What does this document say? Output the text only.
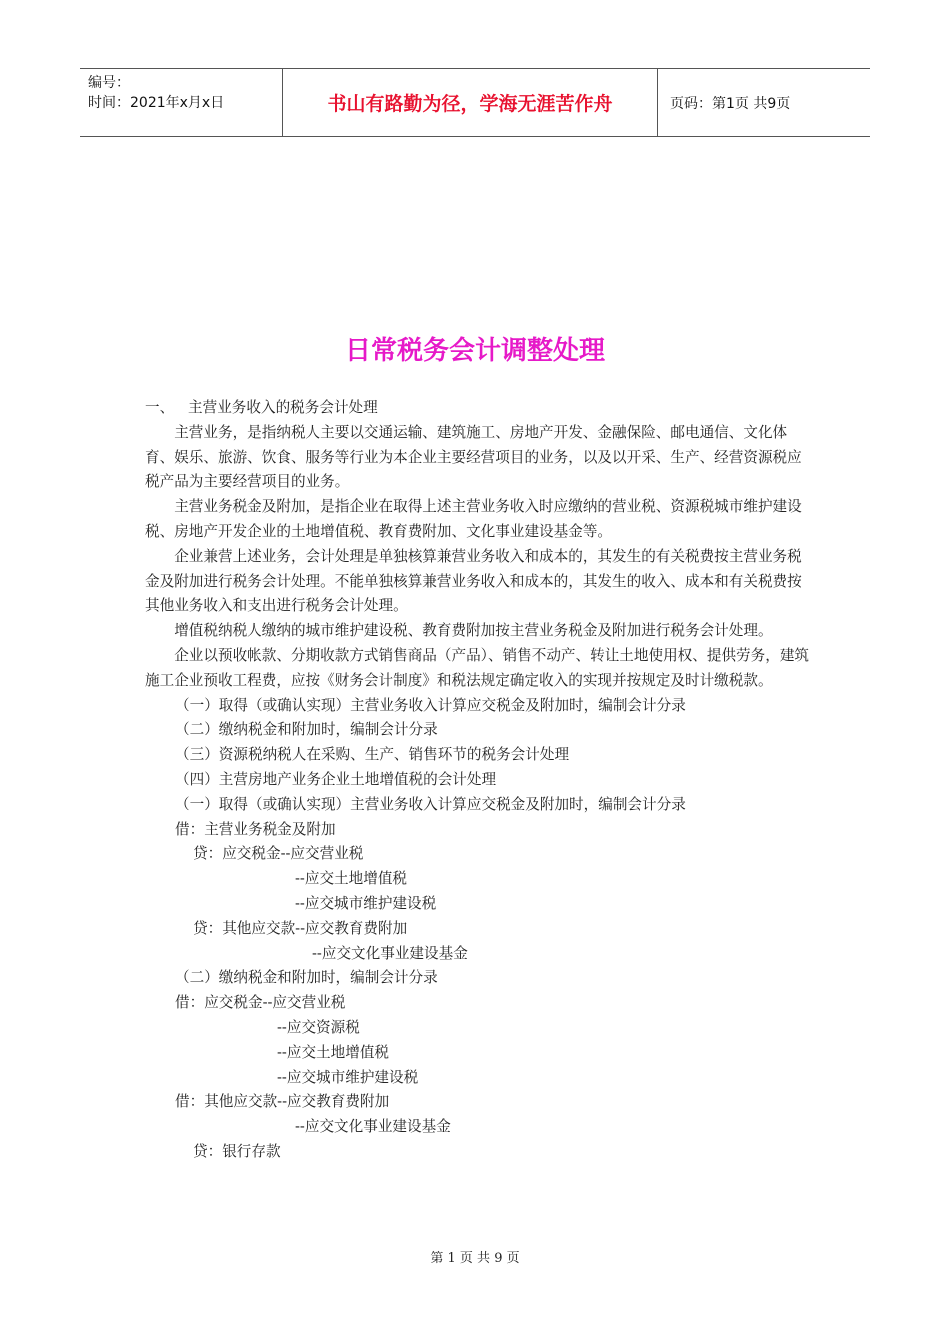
编号：
时间：2021年x月x日	书山有路勤为径，学海无涯苦作舟	页码：第1页 共9页
日常税务会计调整处理

一、 主营业务收入的税务会计处理

主营业务，是指纳税人主要以交通运输、建筑施工、房地产开发、金融保险、邮电通信、文化体育、娱乐、旅游、饮食、服务等行业为本企业主要经营项目的业务，以及以开采、生产、经营资源税应税产品为主要经营项目的业务。

主营业务税金及附加，是指企业在取得上述主营业务收入时应缴纳的营业税、资源税城市维护建设税、房地产开发企业的土地增值税、教育费附加、文化事业建设基金等。

企业兼营上述业务，会计处理是单独核算兼营业务收入和成本的，其发生的有关税费按主营业务税金及附加进行税务会计处理。不能单独核算兼营业务收入和成本的，其发生的收入、成本和有关税费按其他业务收入和支出进行税务会计处理。

增值税纳税人缴纳的城市维护建设税、教育费附加按主营业务税金及附加进行税务会计处理。

企业以预收帐款、分期收款方式销售商品（产品）、销售不动产、转让土地使用权、提供劳务，建筑施工企业预收工程费，应按《财务会计制度》和税法规定确定收入的实现并按规定及时计缴税款。

（一）取得（或确认实现）主营业务收入计算应交税金及附加时，编制会计分录

（二）缴纳税金和附加时，编制会计分录

（三）资源税纳税人在采购、生产、销售环节的税务会计处理

（四）主营房地产业务企业土地增值税的会计处理

（一）取得（或确认实现）主营业务收入计算应交税金及附加时，编制会计分录

借：主营业务税金及附加

贷：应交税金--应交营业税

--应交土地增值税

--应交城市维护建设税

贷：其他应交款--应交教育费附加

--应交文化事业建设基金

（二）缴纳税金和附加时，编制会计分录

借：应交税金--应交营业税

--应交资源税

--应交土地增值税

--应交城市维护建设税

借：其他应交款--应交教育费附加

--应交文化事业建设基金

贷：银行存款

第 1 页 共 9 页
